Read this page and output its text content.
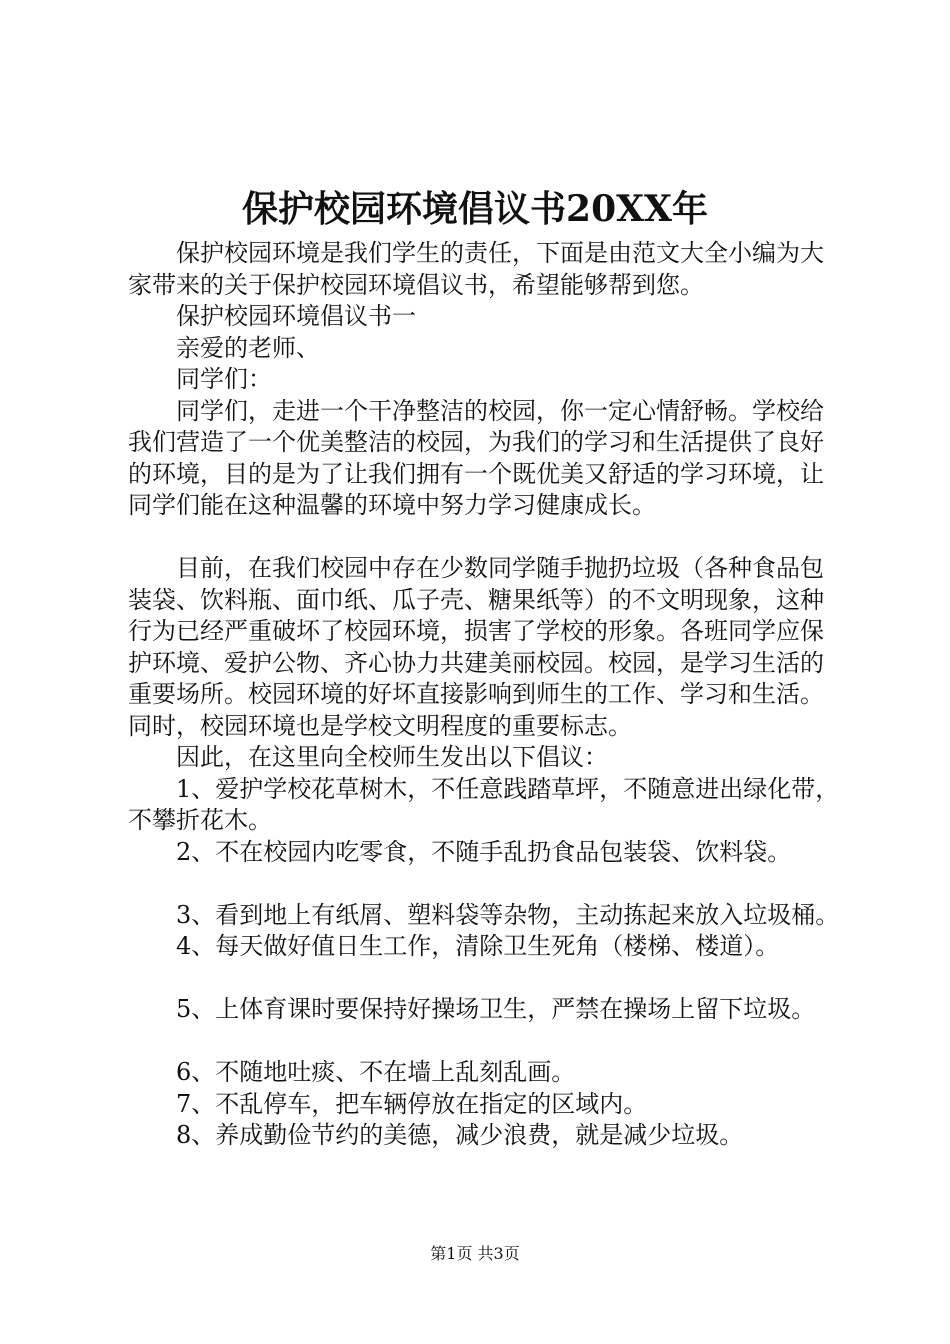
保护校园环境倡议书20XX年

保护校园环境是我们学生的责任，下面是由范文大全小编为大家带来的关于保护校园环境倡议书，希望能够帮到您。

保护校园环境倡议书一

亲爱的老师、

同学们：

同学们，走进一个干净整洁的校园，你一定心情舒畅。学校给我们营造了一个优美整洁的校园，为我们的学习和生活提供了良好的环境，目的是为了让我们拥有一个既优美又舒适的学习环境，让同学们能在这种温馨的环境中努力学习健康成长。

目前，在我们校园中存在少数同学随手抛扔垃圾（各种食品包装袋、饮料瓶、面巾纸、瓜子壳、糖果纸等）的不文明现象，这种行为已经严重破坏了校园环境，损害了学校的形象。各班同学应保护环境、爱护公物、齐心协力共建美丽校园。校园，是学习生活的重要场所。校园环境的好坏直接影响到师生的工作、学习和生活。同时，校园环境也是学校文明程度的重要标志。

因此，在这里向全校师生发出以下倡议：

1、爱护学校花草树木，不任意践踏草坪，不随意进出绿化带，不攀折花木。

2、不在校园内吃零食，不随手乱扔食品包装袋、饮料袋。

3、看到地上有纸屑、塑料袋等杂物，主动拣起来放入垃圾桶。

4、每天做好值日生工作，清除卫生死角（楼梯、楼道）。

5、上体育课时要保持好操场卫生，严禁在操场上留下垃圾。

6、不随地吐痰、不在墙上乱刻乱画。

7、不乱停车，把车辆停放在指定的区域内。

8、养成勤俭节约的美德，减少浪费，就是减少垃圾。

第1页 共3页
